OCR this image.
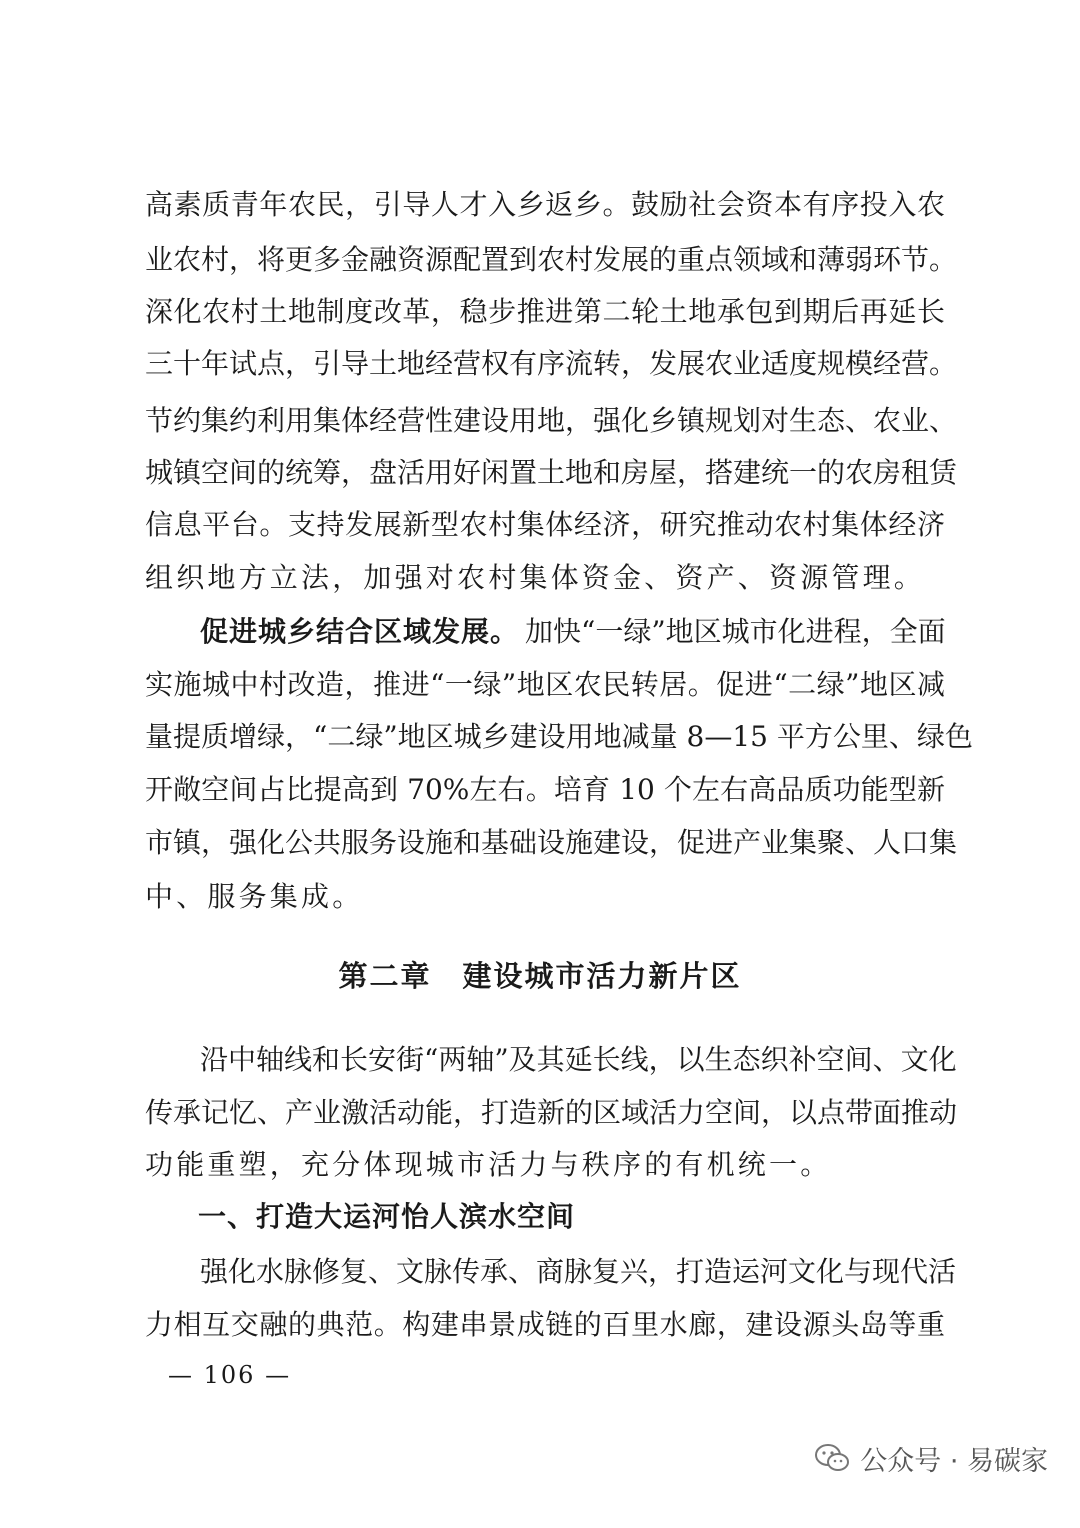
高素质青年农民，引导人才入乡返乡。鼓励社会资本有序投入农
业农村，将更多金融资源配置到农村发展的重点领域和薄弱环节。
深化农村土地制度改革，稳步推进第二轮土地承包到期后再延长
三十年试点，引导土地经营权有序流转，发展农业适度规模经营。
节约集约利用集体经营性建设用地，强化乡镇规划对生态、农业、
城镇空间的统筹，盘活用好闲置土地和房屋，搭建统一的农房租赁
信息平台。支持发展新型农村集体经济，研究推动农村集体经济
组织地方立法，加强对农村集体资金、资产、资源管理。
促进城乡结合区域发展。 加快“一绿”地区城市化进程，全面
实施城中村改造，推进“一绿”地区农民转居。促进“二绿”地区减
量提质增绿，“二绿”地区城乡建设用地减量 8—15 平方公里、绿色
开敞空间占比提高到 70%左右。培育 10 个左右高品质功能型新
市镇，强化公共服务设施和基础设施建设，促进产业集聚、人口集
中、服务集成。
第二章　建设城市活力新片区
沿中轴线和长安街“两轴”及其延长线，以生态织补空间、文化
传承记忆、产业激活动能，打造新的区域活力空间，以点带面推动
功能重塑，充分体现城市活力与秩序的有机统一。
一、打造大运河怡人滨水空间
强化水脉修复、文脉传承、商脉复兴，打造运河文化与现代活
力相互交融的典范。构建串景成链的百里水廊，建设源头岛等重
— 106 —
公众号 · 易碳家
